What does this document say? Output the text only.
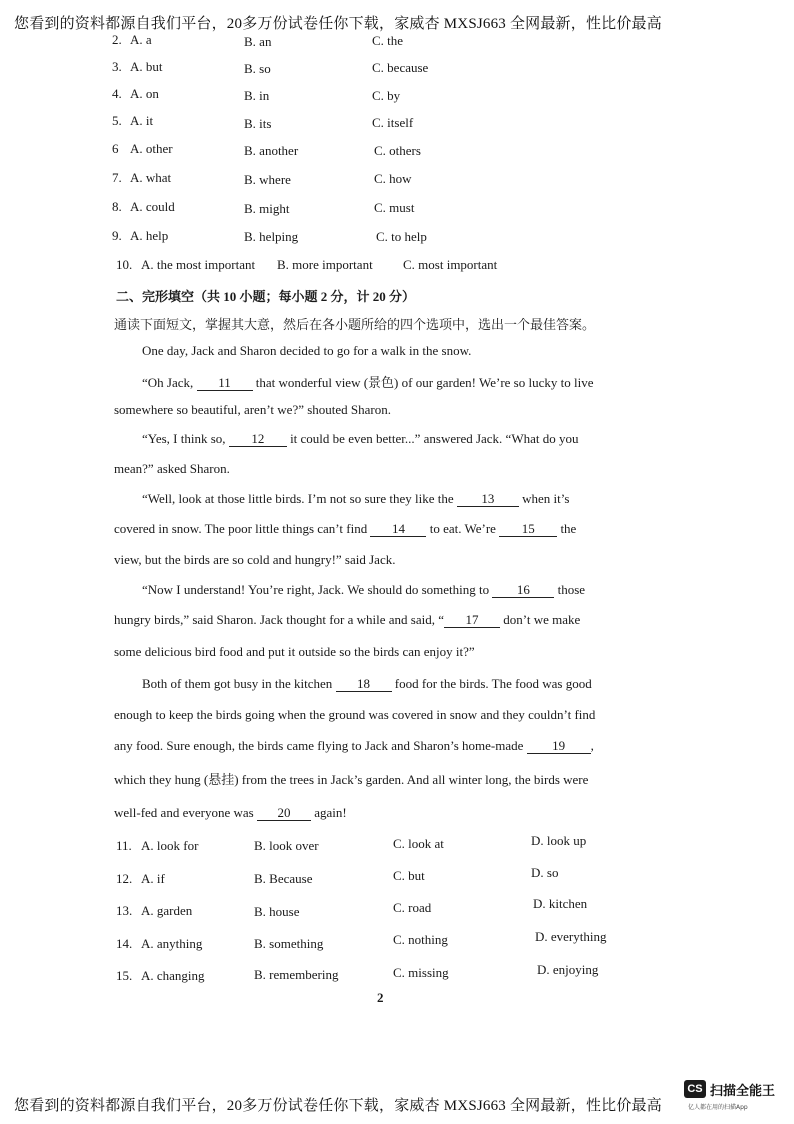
您看到的资料都源自我们平台，20多万份试卷任你下载，家威杏 MXSJ663 全网最新，性比价最高
2. A. a	B. an	C. the
3. A. but	B. so	C. because
4. A. on	B. in	C. by
5. A. it	B. its	C. itself
6 A. other	B. another	C. others
7. A. what	B. where	C. how
8. A. could	B. might	C. must
9. A. help	B. helping	C. to help
10. A. the most important B. more important C. most important
二、完形填空（共 10 小题；每小题 2 分，计 20 分）
通读下面短文，掌握其大意，然后在各小题所给的四个选项中，选出一个最佳答案。
One day, Jack and Sharon decided to go for a walk in the snow.
“Oh Jack, 11 that wonderful view (景色) of our garden! We’re so lucky to live
somewhere so beautiful, aren’t we?” shouted Sharon.
“Yes, I think so, 12 it could be even better...” answered Jack. “What do you
mean?” asked Sharon.
“Well, look at those little birds. I’m not so sure they like the 13 when it’s
covered in snow. The poor little things can’t find 14 to eat. We’re 15 the
view, but the birds are so cold and hungry!” said Jack.
“Now I understand! You’re right, Jack. We should do something to 16 those
hungry birds,” said Sharon. Jack thought for a while and said, “ 17 don’t we make
some delicious bird food and put it outside so the birds can enjoy it?”
Both of them got busy in the kitchen 18 food for the birds. The food was good
enough to keep the birds going when the ground was covered in snow and they couldn’t find
any food. Sure enough, the birds came flying to Jack and Sharon’s home-made 19 ,
which they hung (悬挂) from the trees in Jack’s garden. And all winter long, the birds were
well-fed and everyone was 20 again!
11. A. look for	B. look over	C. look at	D. look up
12. A. if	B. Because	C. but	D. so
13. A. garden	B. house	C. road	D. kitchen
14. A. anything	B. something	C. nothing	D. everything
15. A. changing	B. remembering	C. missing	D. enjoying
2
您看到的资料都源自我们平台，20多万份试卷任你下载，家威杏 MXSJ663 全网最新，性比价最高
CS 扫描全能王
亿人都在用的扫描App
